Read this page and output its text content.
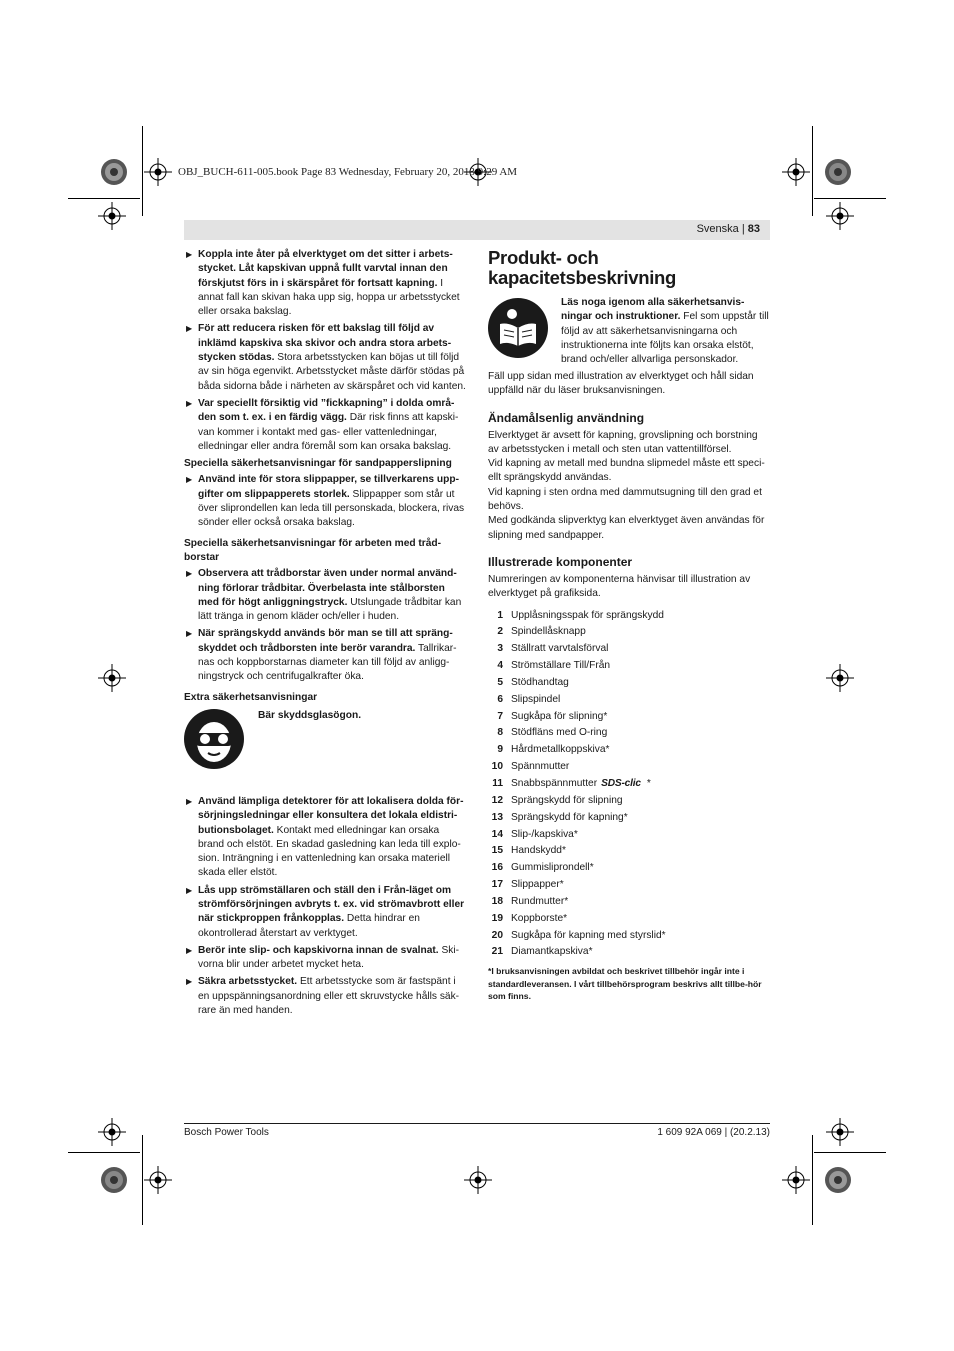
OBJ_BUCH-611-005.book Page 83 Wednesday, February 20, 2013 9:29 AM
Svenska | 83
▶ Koppla inte åter på elverktyget om det sitter i arbets-stycket. Låt kapskivan uppnå fullt varvtal innan den förskjutst förs in i skärspåret för fortsatt kapning. I annat fall kan skivan haka upp sig, hoppa ur arbetsstycket eller orsaka bakslag.
▶ För att reducera risken för ett bakslag till följd av inklämd kapskiva ska skivor och andra stora arbets-stycken stödas. Stora arbetsstycken kan böjas ut till följd av sin höga egenvikt. Arbetsstycket måste därför stödas på båda sidorna både i närheten av skärspåret och vid kanten.
▶ Var speciellt försiktig vid ”fickkapning” i dolda områ-den som t. ex. i en färdig vägg. Där risk finns att kapski-van kommer i kontakt med gas- eller vattenledningar, elledningar eller andra föremål som kan orsaka bakslag.
Speciella säkerhetsanvisningar för sandpapperslipning
▶ Använd inte för stora slippapper, se tillverkarens upp-gifter om slippapperets storlek. Slippapper som står ut över sliprondellen kan leda till personskada, blockera, rivas sönder eller också orsaka bakslag.
Speciella säkerhetsanvisningar för arbeten med tråd-borstar
▶ Observera att trådborstar även under normal använd-ning förlorar trådbitar. Överbelasta inte stålborsten med för högt anliggningstryck. Utslungade trådbitar kan lätt tränga in genom kläder och/eller i huden.
▶ När sprängskydd används bör man se till att spräng-skyddet och trådborsten inte berör varandra. Tallrikar-nas och koppborstarnas diameter kan till följd av anligg-ningstryck och centrifugalkrafter öka.
Extra säkerhetsanvisningar
Bär skyddsglasögon.
▶ Använd lämpliga detektorer för att lokalisera dolda för-sörjningsledningar eller konsultera det lokala eldistri-butionsbolaget. Kontakt med elledningar kan orsaka brand och elstöt. En skadad gasledning kan leda till explo-sion. Inträngning i en vattenledning kan orsaka materiell skada eller elstöt.
▶ Lås upp strömställaren och ställ den i Från-läget om strömförsörjningen avbryts t. ex. vid strömavbrott eller när stickproppen frånkopplas. Detta hindrar en okontrollerad återstart av verktyget.
▶ Berör inte slip- och kapskivorna innan de svalnat. Ski-vorna blir under arbetet mycket heta.
▶ Säkra arbetsstycket. Ett arbetsstycke som är fastspänt i en uppspänningsanordning eller ett skruvstycke hålls säk-rare än med handen.
Produkt- och kapacitetsbeskrivning
Läs noga igenom alla säkerhetsanvis-ningar och instruktioner. Fel som uppstår till följd av att säkerhetsanvisningarna och instruktionerna inte följts kan orsaka elstöt, brand och/eller allvarliga personskador.
Fäll upp sidan med illustration av elverktyget och håll sidan uppfälld när du läser bruksanvisningen.
Ändamålsenlig användning
Elverktyget är avsett för kapning, grovslipning och borstning av arbetsstycken i metall och sten utan vattentillförsel.
Vid kapning av metall med bundna slipmedel måste ett speci-ellt sprängskydd användas.
Vid kapning i sten ordna med dammutsugning till den grad et behövs.
Med godkända slipverktyg kan elverktyget även användas för slipning med sandpapper.
Illustrerade komponenter
Numreringen av komponenterna hänvisar till illustration av elverktyget på grafiksida.
1 Upplåsningsspak för sprängskydd
2 Spindellåsknapp
3 Ställratt varvtalsförval
4 Strömställare Till/Från
5 Stödhandtag
6 Slipspindel
7 Sugkåpa för slipning*
8 Stödfläns med O-ring
9 Hårdmetallkoppskiva*
10 Spännmutter
11 Snabbspännmutter SDS-clic *
12 Sprängskydd för slipning
13 Sprängskydd för kapning*
14 Slip-/kapskiva*
15 Handskydd*
16 Gummisliprondell*
17 Slippapper*
18 Rundmutter*
19 Koppborste*
20 Sugkåpa för kapning med styrslid*
21 Diamantkapskiva*
*I bruksanvisningen avbildat och beskrivet tillbehör ingår inte i standardleveransen. I vårt tillbehörsprogram beskrivs allt tillbe-hör som finns.
Bosch Power Tools	1 609 92A 069 | (20.2.13)
